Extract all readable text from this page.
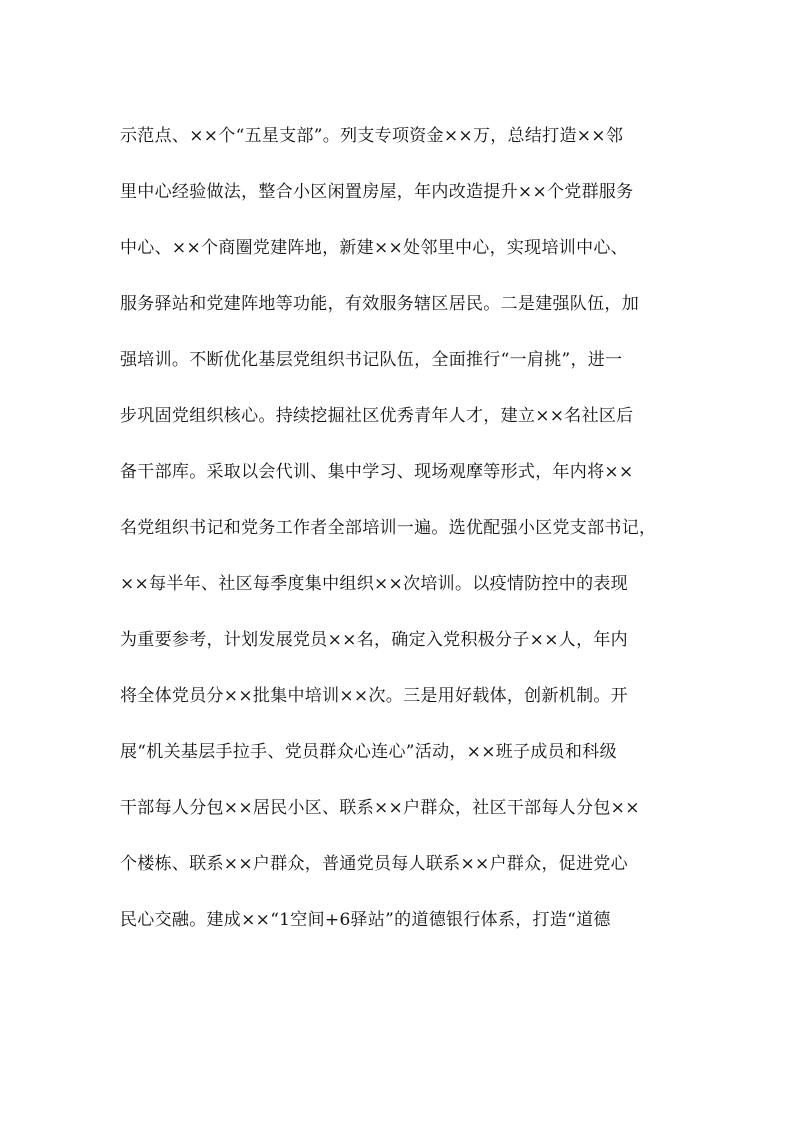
示范点、××个“五星支部”。列支专项资金××万，总结打造××邻
里中心经验做法，整合小区闲置房屋，年内改造提升××个党群服务
中心、××个商圈党建阵地，新建××处邻里中心，实现培训中心、
服务驿站和党建阵地等功能，有效服务辖区居民。二是建强队伍，加
强培训。不断优化基层党组织书记队伍，全面推行“一肩挑”，进一
步巩固党组织核心。持续挖掘社区优秀青年人才，建立××名社区后
备干部库。采取以会代训、集中学习、现场观摩等形式，年内将××
名党组织书记和党务工作者全部培训一遍。选优配强小区党支部书记，
××每半年、社区每季度集中组织××次培训。以疫情防控中的表现
为重要参考，计划发展党员××名，确定入党积极分子××人，年内
将全体党员分××批集中培训××次。三是用好载体，创新机制。开
展“机关基层手拉手、党员群众心连心”活动，××班子成员和科级
干部每人分包××居民小区、联系××户群众，社区干部每人分包××
个楼栋、联系××户群众，普通党员每人联系××户群众，促进党心
民心交融。建成××“1空间+6驿站”的道德银行体系，打造“道德
